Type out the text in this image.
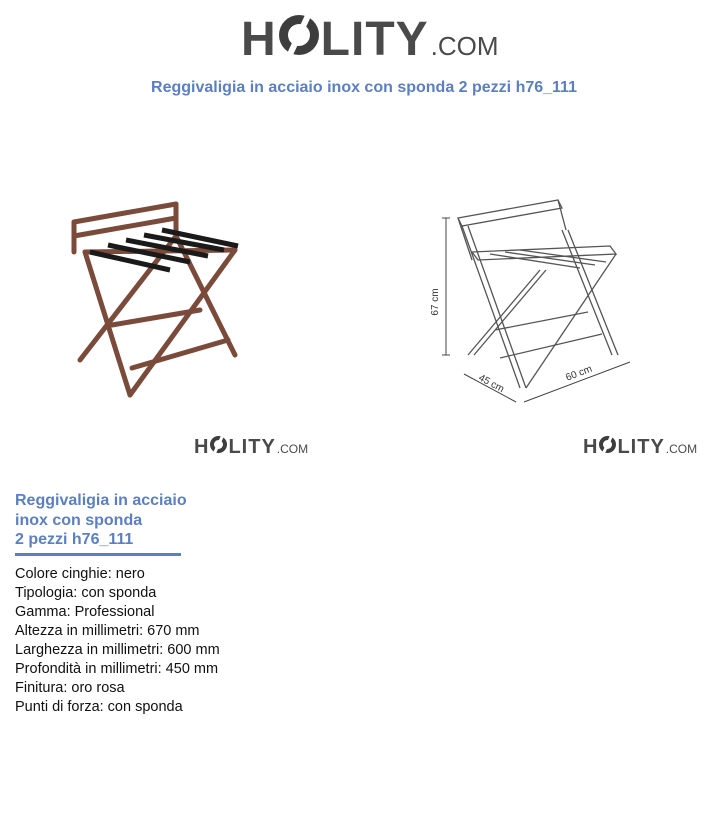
H LITY .COM
Reggivaligia in acciaio inox con sponda 2 pezzi h76_111
67 cm
45 cm	60 cm
H LITY .COM	H LITY .COM
Reggivaligia in acciaio
inox con sponda
2 pezzi h76_111
Colore cinghie: nero
Tipologia: con sponda
Gamma: Professional
Altezza in millimetri: 670 mm
Larghezza in millimetri: 600 mm
Profondità in millimetri: 450 mm
Finitura: oro rosa
Punti di forza: con sponda
